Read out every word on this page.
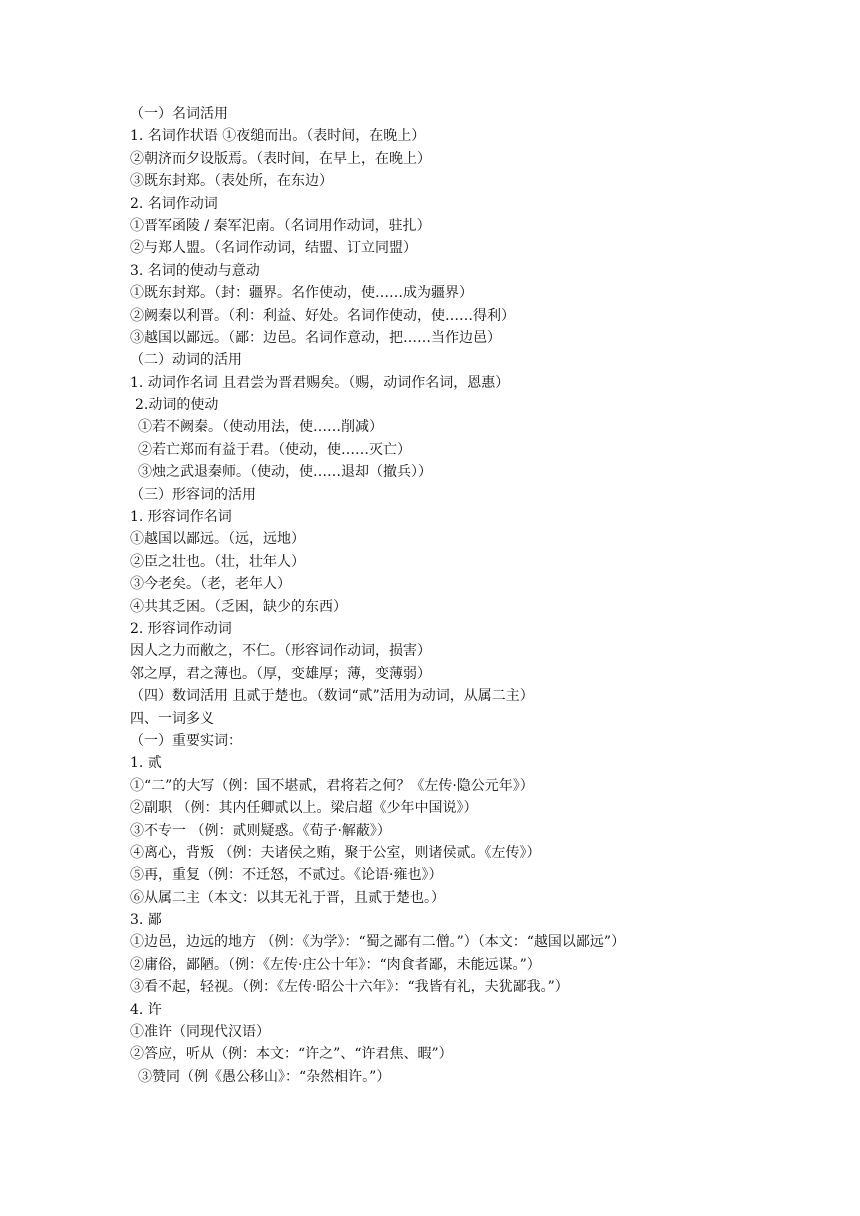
（一）名词活用
1. 名词作状语 ①夜缒而出。（表时间，在晚上）
②朝济而夕设版焉。（表时间，在早上，在晚上）
③既东封郑。（表处所，在东边）
2. 名词作动词
①晋军函陵 / 秦军汜南。（名词用作动词，驻扎）
②与郑人盟。（名词作动词，结盟、订立同盟）
3. 名词的使动与意动
①既东封郑。（封：疆界。名作使动，使……成为疆界）
②阙秦以利晋。（利：利益、好处。名词作使动，使……得利）
③越国以鄙远。（鄙：边邑。名词作意动，把……当作边邑）
（二）动词的活用
1. 动词作名词 且君尝为晋君赐矣。（赐，动词作名词，恩惠）
2.动词的使动
①若不阙秦。（使动用法，使……削减）
②若亡郑而有益于君。（使动，使……灭亡）
③烛之武退秦师。（使动，使……退却（撤兵））
（三）形容词的活用
1. 形容词作名词
①越国以鄙远。（远，远地）
②臣之壮也。（壮，壮年人）
③今老矣。（老，老年人）
④共其乏困。（乏困，缺少的东西）
2. 形容词作动词
因人之力而敝之，不仁。（形容词作动词，损害）
邻之厚，君之薄也。（厚，变雄厚；薄，变薄弱）
（四）数词活用 且贰于楚也。（数词“贰”活用为动词，从属二主）
四、一词多义
（一）重要实词：
1. 贰
①“二”的大写（例：国不堪贰，君将若之何？《左传·隐公元年》）
②副职 （例：其内任卿贰以上。梁启超《少年中国说》）
③不专一 （例：贰则疑惑。《荀子·解蔽》）
④离心，背叛 （例：夫诸侯之贿，聚于公室，则诸侯贰。《左传》）
⑤再，重复（例：不迁怒，不贰过。《论语·雍也》）
⑥从属二主（本文：以其无礼于晋，且贰于楚也。）
3. 鄙
①边邑，边远的地方 （例：《为学》：“蜀之鄙有二僧。”）（本文：“越国以鄙远”）
②庸俗，鄙陋。（例：《左传·庄公十年》：“肉食者鄙，未能远谋。”）
③看不起，轻视。（例：《左传·昭公十六年》：“我皆有礼，夫犹鄙我。”）
4. 许
①准许（同现代汉语）
②答应，听从（例：本文：“许之”、“许君焦、暇”）
③赞同（例《愚公移山》：“杂然相许。”）
